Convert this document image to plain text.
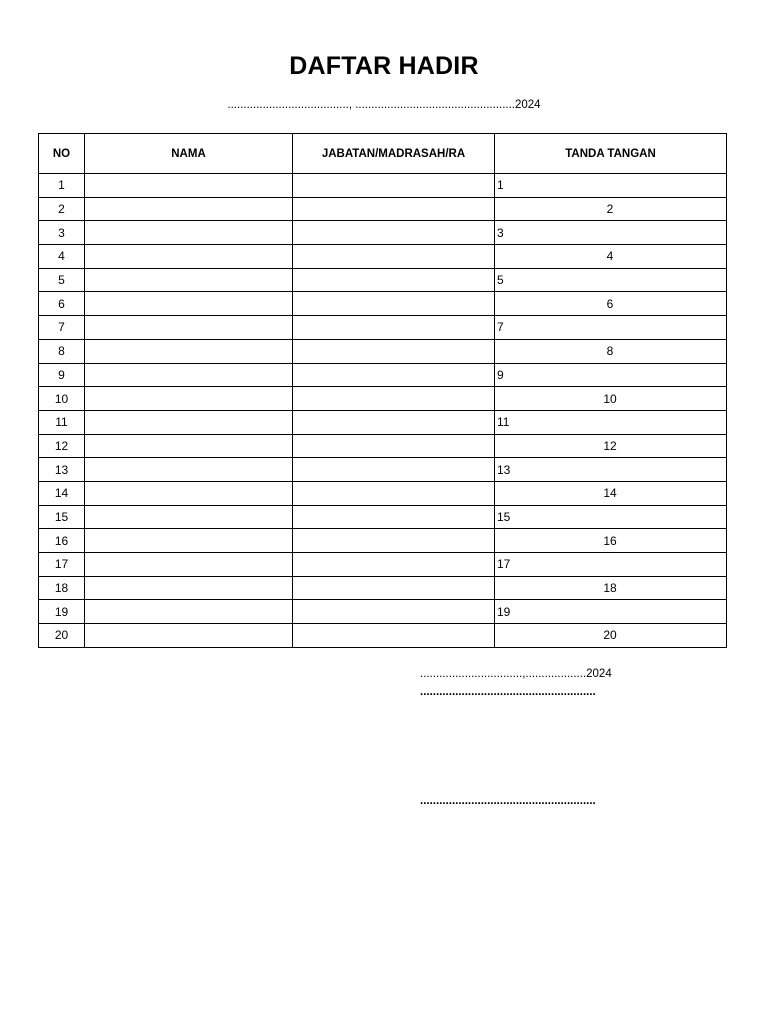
DAFTAR HADIR
......................................, ..................................................2024
NO	NAMA	JABATAN/MADRASAH/RA	TANDA TANGAN
1			1

2			2

3			3

4			4

5			5

6			6

7			7

8			8

9			9

10			10

11			11

12			12

13			13

14			14

15			15

16			16

17			17

18			18

19			19

20			20
................................,...................2024
.......................................................
.......................................................
